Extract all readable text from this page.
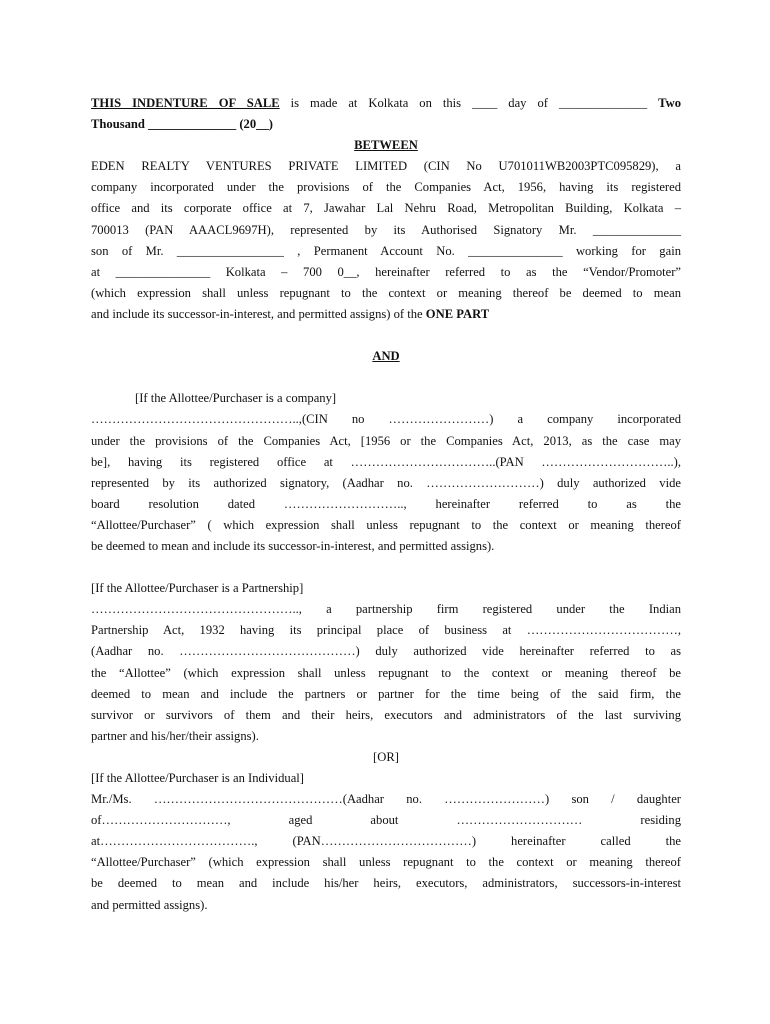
THIS INDENTURE OF SALE is made at Kolkata on this ____ day of ______________ Two
Thousand ______________ (20__)
BETWEEN
EDEN REALTY VENTURES PRIVATE LIMITED (CIN No U701011WB2003PTC095829), a
company incorporated under the provisions of the Companies Act, 1956, having its registered
office and its corporate office at 7, Jawahar Lal Nehru Road, Metropolitan Building, Kolkata –
700013 (PAN AAACL9697H), represented by its Authorised Signatory Mr. ______________
son of Mr. _________________ , Permanent Account No. _______________ working for gain
at _______________ Kolkata – 700 0__, hereinafter referred to as the “Vendor/Promoter”
(which expression shall unless repugnant to the context or meaning thereof be deemed to mean
and include its successor-in-interest, and permitted assigns) of the ONE PART
AND
[If the Allottee/Purchaser is a company]
…………………………………………..,(CIN no ……………………) a company incorporated
under the provisions of the Companies Act, [1956 or the Companies Act, 2013, as the case may
be], having its registered office at ……………………………..(PAN …………………………..),
represented by its authorized signatory, (Aadhar no. ………………………) duly authorized vide
board resolution dated ……………………….., hereinafter referred to as the
“Allottee/Purchaser” ( which expression shall unless repugnant to the context or meaning thereof
be deemed to mean and include its successor-in-interest, and permitted assigns).
[If the Allottee/Purchaser is a Partnership]
………………………………………….., a partnership firm registered under the Indian
Partnership Act, 1932 having its principal place of business at ………………………………,
(Aadhar no. ……………………………………) duly authorized vide hereinafter referred to as
the “Allottee” (which expression shall unless repugnant to the context or meaning thereof be
deemed to mean and include the partners or partner for the time being of the said firm, the
survivor or survivors of them and their heirs, executors and administrators of the last surviving
partner and his/her/their assigns).
[OR]
[If the Allottee/Purchaser is an Individual]
Mr./Ms. ………………………………………(Aadhar no. ……………………) son / daughter
of…………………………, aged about ………………………… residing
at………………………………., (PAN………………………………) hereinafter called the
“Allottee/Purchaser” (which expression shall unless repugnant to the context or meaning thereof
be deemed to mean and include his/her heirs, executors, administrators, successors-in-interest
and permitted assigns).
